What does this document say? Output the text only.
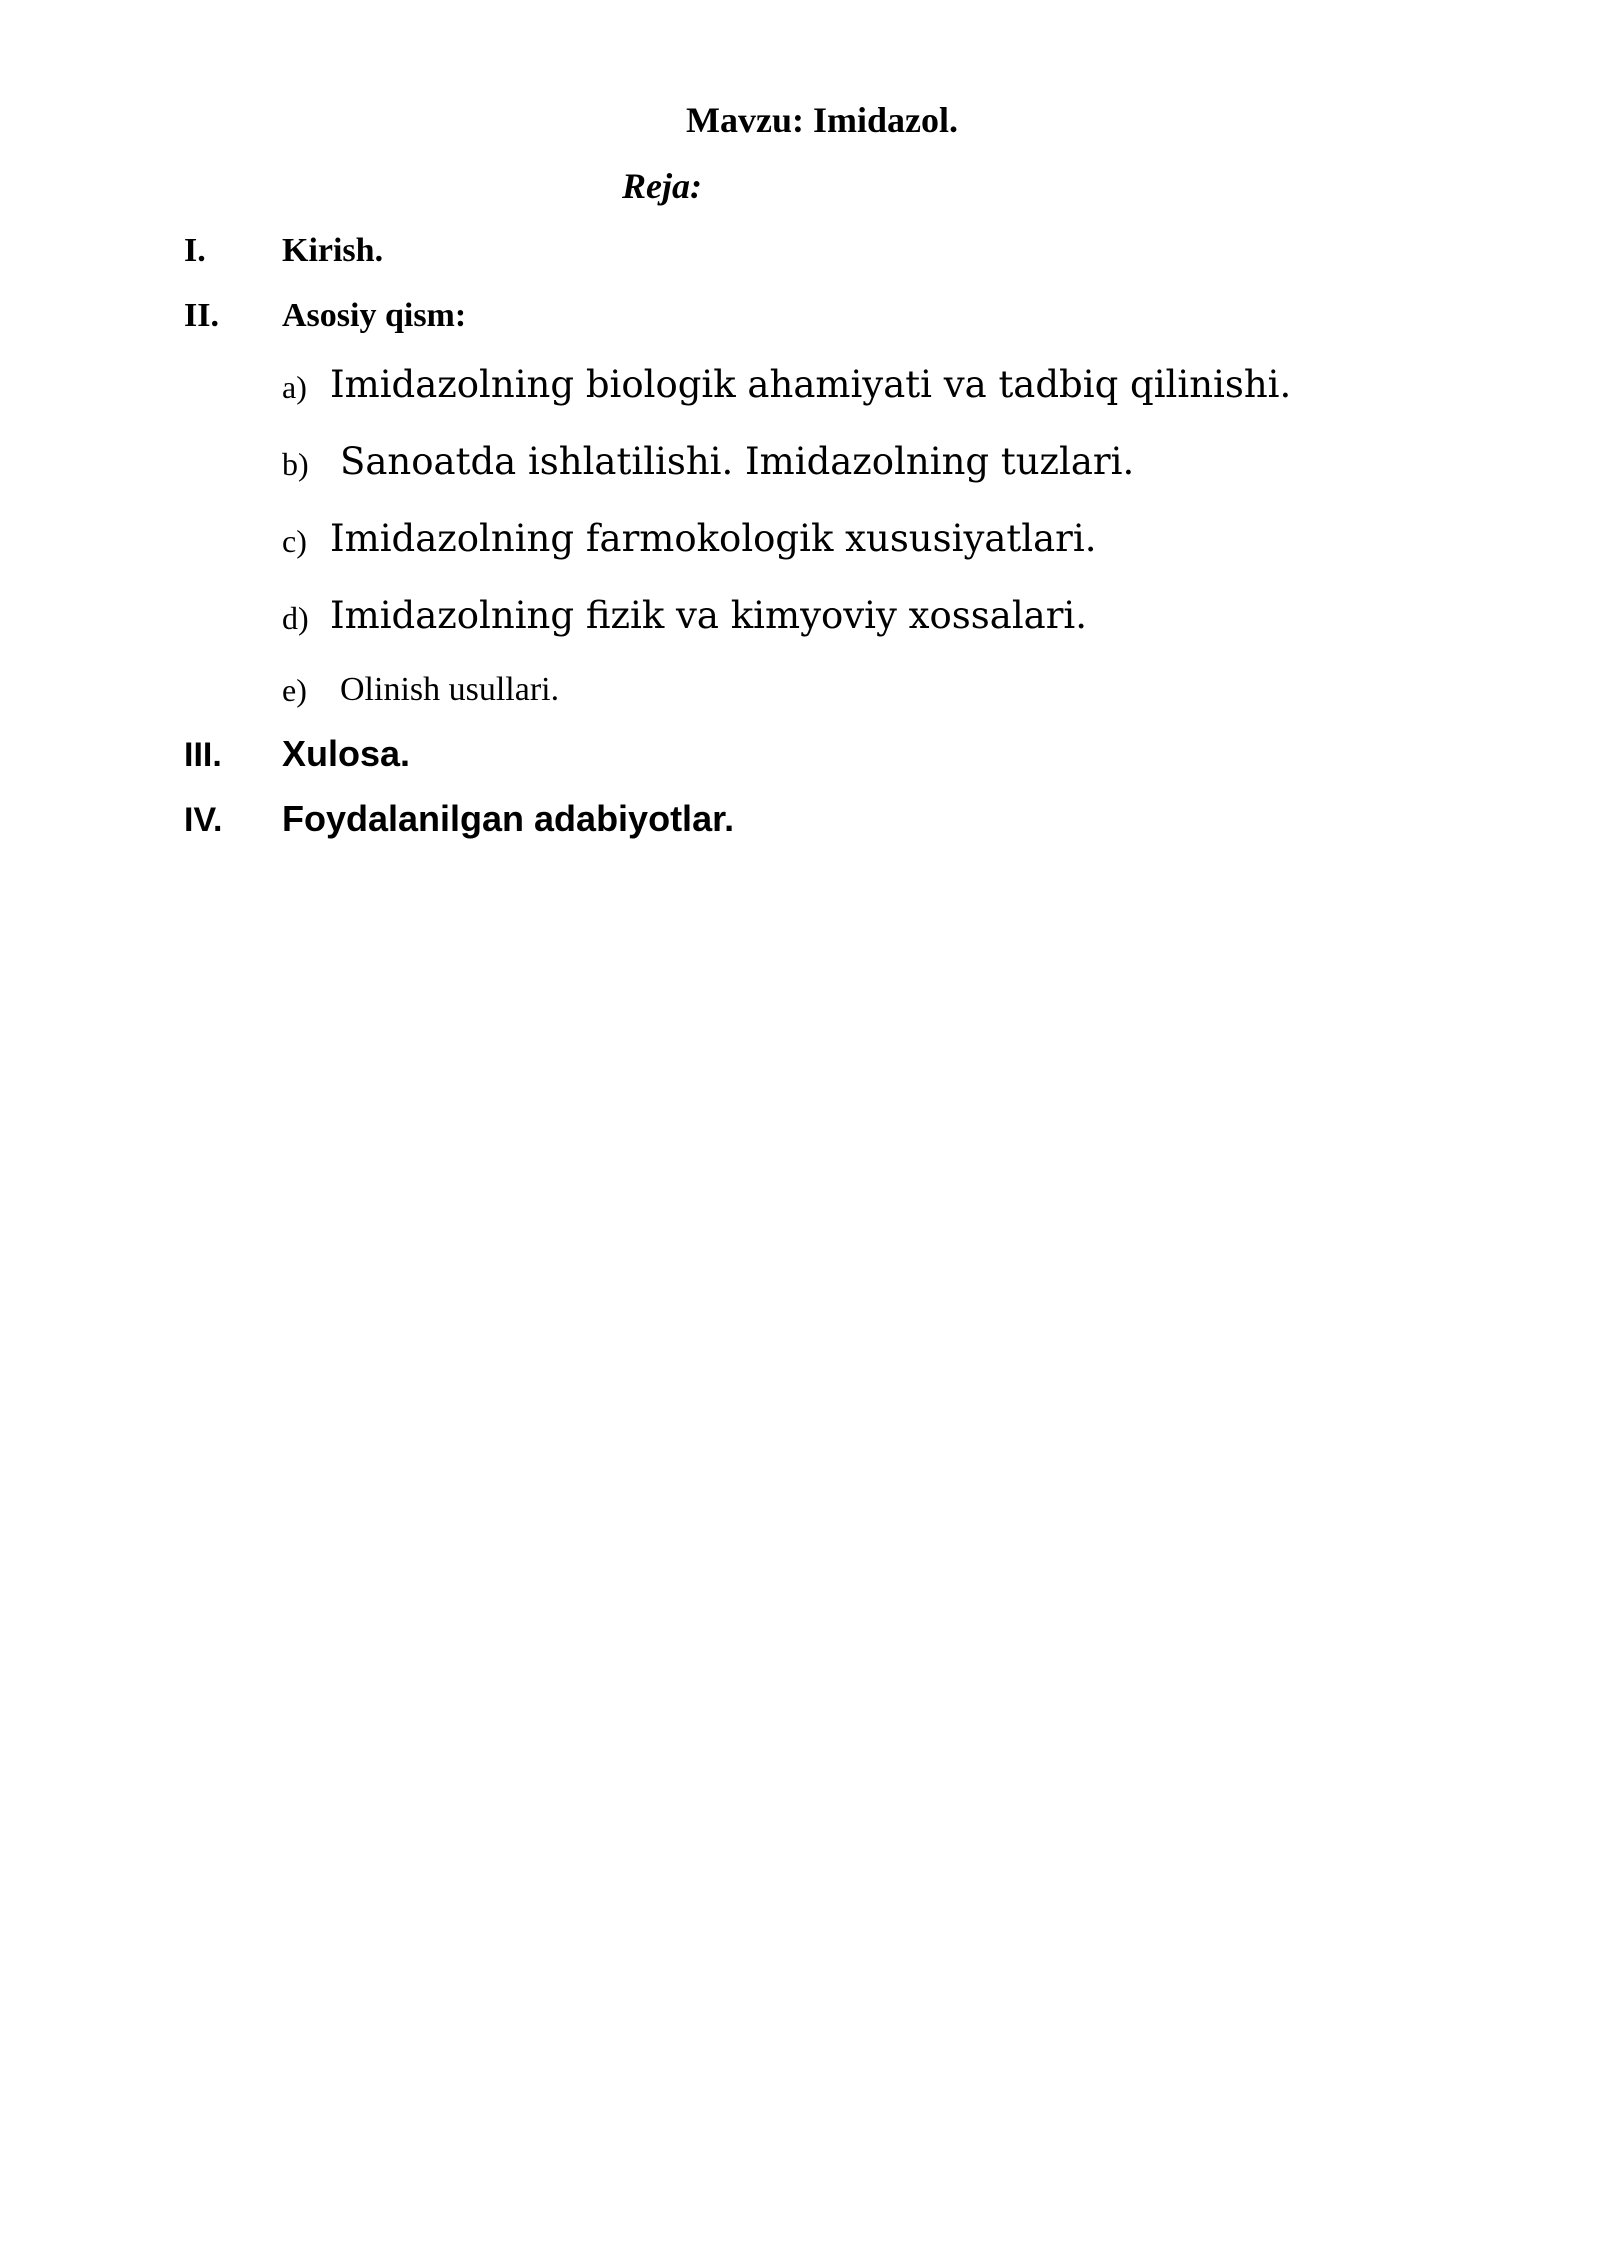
Mavzu: Imidazol.
Reja:
I. Kirish.
II. Asosiy qism:
a) Imidazolning biologik ahamiyati va tadbiq qilinishi.
b) Sanoatda ishlatilishi. Imidazolning tuzlari.
c) Imidazolning farmokologik xususiyatlari.
d) Imidazolning fizik va kimyoviy xossalari.
e) Olinish usullari.
III. Xulosa.
IV. Foydalanilgan adabiyotlar.
